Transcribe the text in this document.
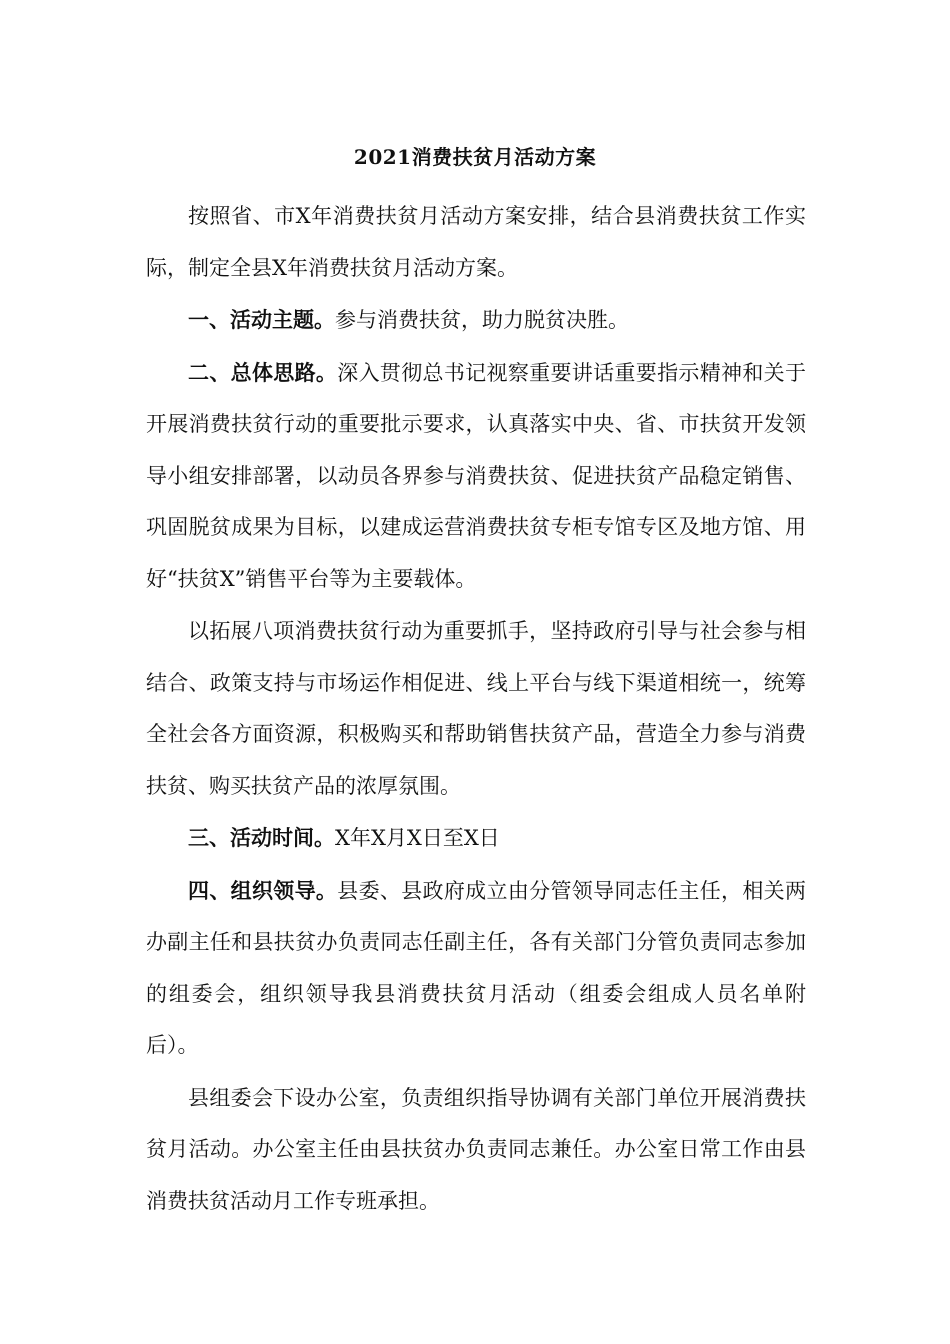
2021消费扶贫月活动方案

按照省、市X年消费扶贫月活动方案安排，结合县消费扶贫工作实际，制定全县X年消费扶贫月活动方案。

一、活动主题。参与消费扶贫，助力脱贫决胜。

二、总体思路。深入贯彻总书记视察重要讲话重要指示精神和关于开展消费扶贫行动的重要批示要求，认真落实中央、省、市扶贫开发领导小组安排部署，以动员各界参与消费扶贫、促进扶贫产品稳定销售、巩固脱贫成果为目标，以建成运营消费扶贫专柜专馆专区及地方馆、用好“扶贫X”销售平台等为主要载体。

以拓展八项消费扶贫行动为重要抓手，坚持政府引导与社会参与相结合、政策支持与市场运作相促进、线上平台与线下渠道相统一，统筹全社会各方面资源，积极购买和帮助销售扶贫产品，营造全力参与消费扶贫、购买扶贫产品的浓厚氛围。

三、活动时间。X年X月X日至X日

四、组织领导。县委、县政府成立由分管领导同志任主任，相关两办副主任和县扶贫办负责同志任副主任，各有关部门分管负责同志参加的组委会，组织领导我县消费扶贫月活动（组委会组成人员名单附后）。

县组委会下设办公室，负责组织指导协调有关部门单位开展消费扶贫月活动。办公室主任由县扶贫办负责同志兼任。办公室日常工作由县消费扶贫活动月工作专班承担。
